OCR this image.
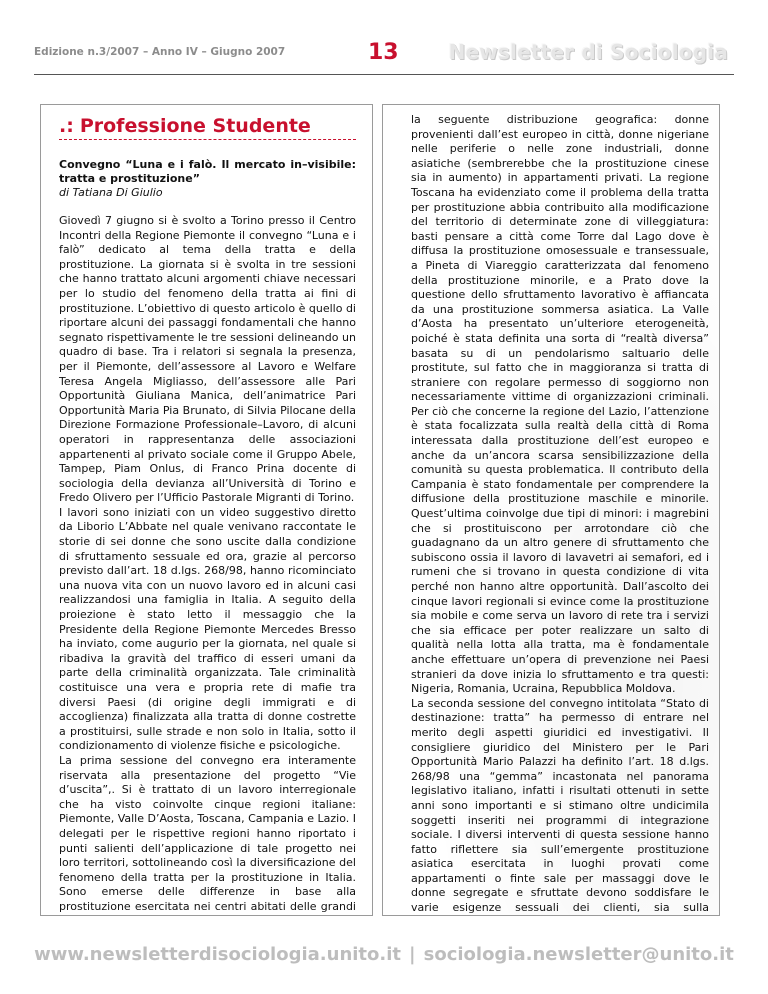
Edizione n.3/2007 – Anno IV – Giugno 2007	13 Newsletter di Sociologia
.: Professione Studente

Convegno “Luna e i falò. Il mercato in–visibile: tratta e prostituzione”

di Tatiana Di Giulio

Giovedì 7 giugno si è svolto a Torino presso il Centro Incontri della Regione Piemonte il convegno “Luna e i falò” dedicato al tema della tratta e della prostituzione. La giornata si è svolta in tre sessioni che hanno trattato alcuni argomenti chiave necessari per lo studio del fenomeno della tratta ai fini di prostituzione. L’obiettivo di questo articolo è quello di riportare alcuni dei passaggi fondamentali che hanno segnato rispettivamente le tre sessioni delineando un quadro di base. Tra i relatori si segnala la presenza, per il Piemonte, dell’assessore al Lavoro e Welfare Teresa Angela Migliasso, dell’assessore alle Pari Opportunità Giuliana Manica, dell’animatrice Pari Opportunità Maria Pia Brunato, di Silvia Pilocane della Direzione Formazione Professionale–Lavoro, di alcuni operatori in rappresentanza delle associazioni appartenenti al privato sociale come il Gruppo Abele, Tampep, Piam Onlus, di Franco Prina docente di sociologia della devianza all’Università di Torino e Fredo Olivero per l’Ufficio Pastorale Migranti di Torino.

I lavori sono iniziati con un video suggestivo diretto da Liborio L’Abbate nel quale venivano raccontate le storie di sei donne che sono uscite dalla condizione di sfruttamento sessuale ed ora, grazie al percorso previsto dall’art. 18 d.lgs. 268/98, hanno ricominciato una nuova vita con un nuovo lavoro ed in alcuni casi realizzandosi una famiglia in Italia. A seguito della proiezione è stato letto il messaggio che la Presidente della Regione Piemonte Mercedes Bresso ha inviato, come augurio per la giornata, nel quale si ribadiva la gravità del traffico di esseri umani da parte della criminalità organizzata. Tale criminalità costituisce una vera e propria rete di mafie tra diversi Paesi (di origine degli immigrati e di accoglienza) finalizzata alla tratta di donne costrette a prostituirsi, sulle strade e non solo in Italia, sotto il condizionamento di violenze fisiche e psicologiche.

La prima sessione del convegno era interamente riservata alla presentazione del progetto “Vie d’uscita”,. Si è trattato di un lavoro interregionale che ha visto coinvolte cinque regioni italiane: Piemonte, Valle D’Aosta, Toscana, Campania e Lazio. I delegati per le rispettive regioni hanno riportato i punti salienti dell’applicazione di tale progetto nei loro territori, sottolineando così la diversificazione del fenomeno della tratta per la prostituzione in Italia. Sono emerse delle differenze in base alla prostituzione esercitata nei centri abitati delle grandi

la seguente distribuzione geografica: donne provenienti dall’est europeo in città, donne nigeriane nelle periferie o nelle zone industriali, donne asiatiche (sembrerebbe che la prostituzione cinese sia in aumento) in appartamenti privati. La regione Toscana ha evidenziato come il problema della tratta per prostituzione abbia contribuito alla modificazione del territorio di determinate zone di villeggiatura: basti pensare a città come Torre dal Lago dove è diffusa la prostituzione omosessuale e transessuale, a Pineta di Viareggio caratterizzata dal fenomeno della prostituzione minorile, e a Prato dove la questione dello sfruttamento lavorativo è affiancata da una prostituzione sommersa asiatica. La Valle d’Aosta ha presentato un’ulteriore eterogeneità, poiché è stata definita una sorta di “realtà diversa” basata su di un pendolarismo saltuario delle prostitute, sul fatto che in maggioranza si tratta di straniere con regolare permesso di soggiorno non necessariamente vittime di organizzazioni criminali. Per ciò che concerne la regione del Lazio, l’attenzione è stata focalizzata sulla realtà della città di Roma interessata dalla prostituzione dell’est europeo e anche da un’ancora scarsa sensibilizzazione della comunità su questa problematica. Il contributo della Campania è stato fondamentale per comprendere la diffusione della prostituzione maschile e minorile. Quest’ultima coinvolge due tipi di minori: i magrebini che si prostituiscono per arrotondare ciò che guadagnano da un altro genere di sfruttamento che subiscono ossia il lavoro di lavavetri ai semafori, ed i rumeni che si trovano in questa condizione di vita perché non hanno altre opportunità. Dall’ascolto dei cinque lavori regionali si evince come la prostituzione sia mobile e come serva un lavoro di rete tra i servizi che sia efficace per poter realizzare un salto di qualità nella lotta alla tratta, ma è fondamentale anche effettuare un’opera di prevenzione nei Paesi stranieri da dove inizia lo sfruttamento e tra questi: Nigeria, Romania, Ucraina, Repubblica Moldova.

La seconda sessione del convegno intitolata “Stato di destinazione: tratta” ha permesso di entrare nel merito degli aspetti giuridici ed investigativi. Il consigliere giuridico del Ministero per le Pari Opportunità Mario Palazzi ha definito l’art. 18 d.lgs. 268/98 una “gemma” incastonata nel panorama legislativo italiano, infatti i risultati ottenuti in sette anni sono importanti e si stimano oltre undicimila soggetti inseriti nei programmi di integrazione sociale. I diversi interventi di questa sessione hanno fatto riflettere sia sull’emergente prostituzione asiatica esercitata in luoghi provati come appartamenti o finte sale per massaggi dove le donne segregate e sfruttate devono soddisfare le varie esigenze sessuali dei clienti, sia sulla

www.newsletterdisociologia.unito.it | sociologia.newsletter@unito.it
